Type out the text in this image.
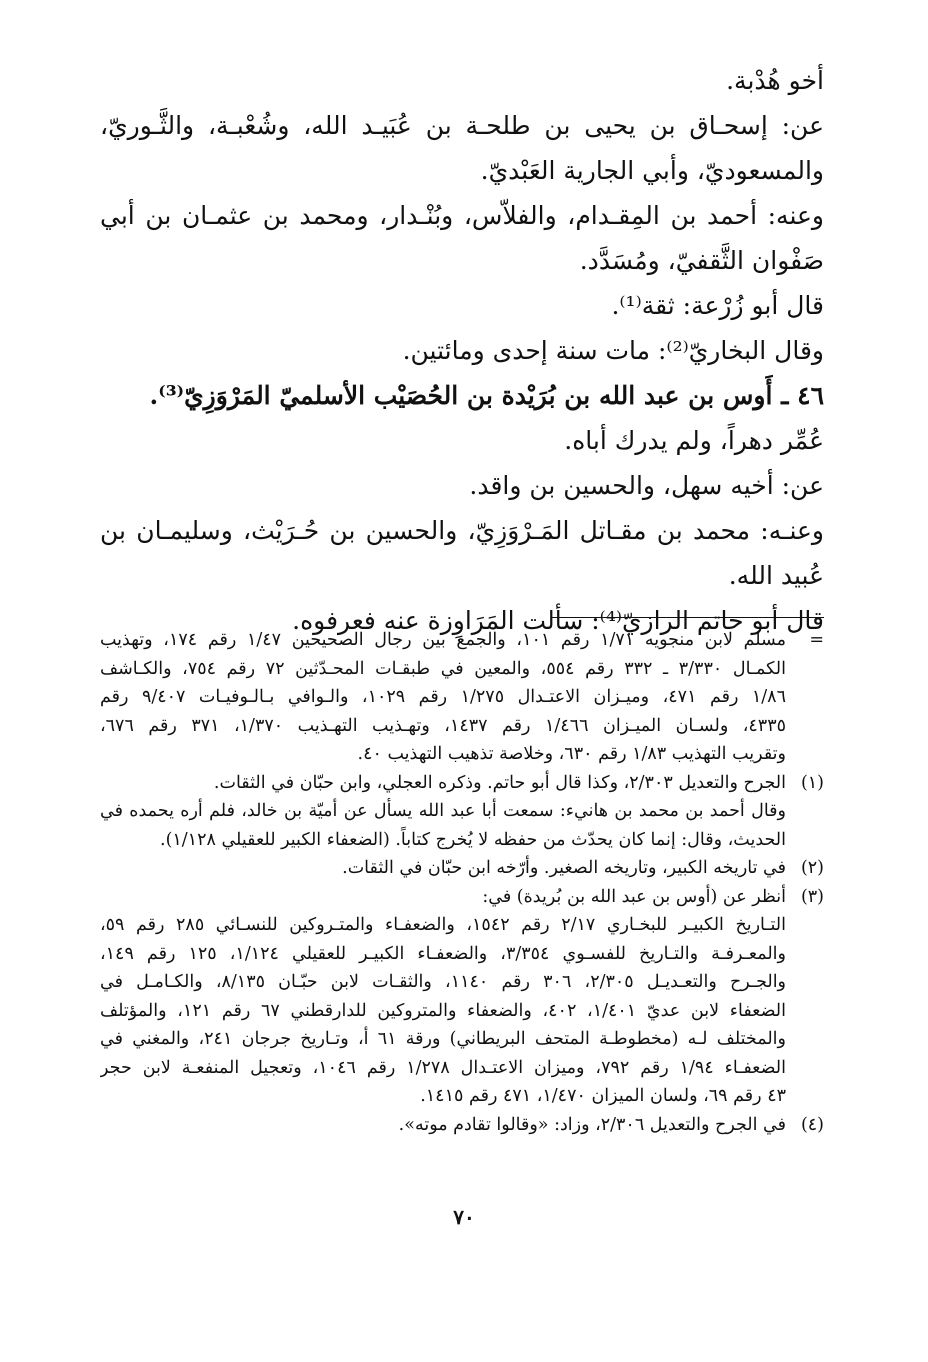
أخو هُدْبة.
عن: إسحـاق بن يحيى بن طلحـة بن عُبَيـد الله، وشُعْبـة، والثَّـوريّ،
والمسعوديّ، وأبي الجارية العَبْديّ.
وعنه: أحمد بن المِقـدام، والفلاّس، وبُنْـدار، ومحمد بن عثمـان بن أبي
صَفْوان الثَّقفيّ، ومُسَدَّد.
قال أبو زُرْعة: ثقة⁽¹⁾.
وقال البخاريّ⁽²⁾: مات سنة إحدى ومائتين.
٤٦ ـ أَوس بن عبد الله بن بُرَيْدة بن الحُصَيْب الأسلميّ المَرْوَزِيّ⁽³⁾.
عُمِّر دهراً، ولم يدرك أباه.
عن: أخيه سهل، والحسين بن واقد.
وعنـه: محمد بن مقـاتل المَـرْوَزِيّ، والحسين بن حُـرَيْث، وسليمـان بن
عُبيد الله.
قال أبو حاتم الرازيّ⁽⁴⁾: سألت المَرَاوِزة عنه فعرفوه.
=
مسلم لابن منجويه ١/٧١ رقم ١٠١، والجمع بين رجال الصحيحين ١/٤٧ رقم ١٧٤، وتهذيب
الكمـال ٣/٣٣٠ ـ ٣٣٢ رقم ٥٥٤، والمعين في طبقـات المحـدّثين ٧٢ رقم ٧٥٤، والكـاشف
١/٨٦ رقم ٤٧١، وميـزان الاعتـدال ١/٢٧٥ رقم ١٠٢٩، والـوافي بـالـوفيـات ٩/٤٠٧ رقم
٤٣٣٥، ولسـان الميـزان ١/٤٦٦ رقم ١٤٣٧، وتهـذيب التهـذيب ١/٣٧٠، ٣٧١ رقم ٦٧٦،
وتقريب التهذيب ١/٨٣ رقم ٦٣٠، وخلاصة تذهيب التهذيب ٤٠.
(١)
الجرح والتعديل ٢/٣٠٣، وكذا قال أبو حاتم. وذكره العجلي، وابن حبّان في الثقات.
وقال أحمد بن محمد بن هانيء: سمعت أبا عبد الله يسأل عن أميّة بن خالد، فلم أره يحمده في
الحديث، وقال: إنما كان يحدّث من حفظه لا يُخرج كتاباً. (الضعفاء الكبير للعقيلي ١/١٢٨).
(٢)
في تاريخه الكبير، وتاريخه الصغير. وأرّخه ابن حبّان في الثقات.
(٣)
أنظر عن (أوس بن عبد الله بن بُريدة) في:
التـاريخ الكبيـر للبخـاري ٢/١٧ رقم ١٥٤٢، والضعفـاء والمتـروكين للنسـائي ٢٨٥ رقم ٥٩،
والمعـرفـة والتـاريخ للفسـوي ٣/٣٥٤، والضعفـاء الكبيـر للعقيلي ١/١٢٤، ١٢٥ رقم ١٤٩،
والجـرح والتعـديـل ٢/٣٠٥، ٣٠٦ رقم ١١٤٠، والثقـات لابن حبّـان ٨/١٣٥، والكـامـل في
الضعفاء لابن عديّ ١/٤٠١، ٤٠٢، والضعفاء والمتروكين للدارقطني ٦٧ رقم ١٢١، والمؤتلف
والمختلف لـه (مخطوطـة المتحف البريطاني) ورقة ٦١ أ، وتـاريخ جرجان ٢٤١، والمغني في
الضعفـاء ١/٩٤ رقم ٧٩٢، وميزان الاعتـدال ١/٢٧٨ رقم ١٠٤٦، وتعجيل المنفعـة لابن حجر
٤٣ رقم ٦٩، ولسان الميزان ١/٤٧٠، ٤٧١ رقم ١٤١٥.
(٤)
في الجرح والتعديل ٢/٣٠٦، وزاد: «وقالوا تقادم موته».
٧٠
